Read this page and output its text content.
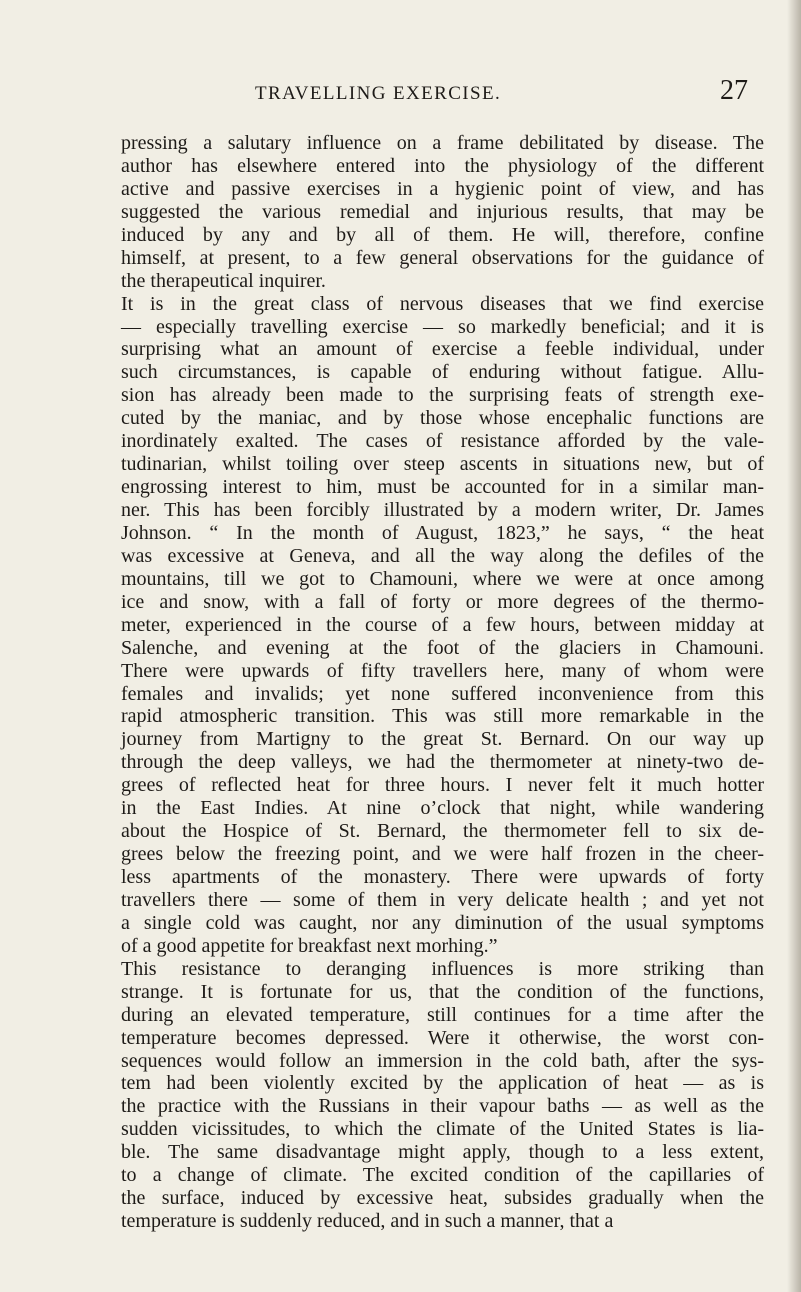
TRAVELLING EXERCISE.	27
pressing a salutary influence on a frame debilitated by disease. The
author has elsewhere entered into the physiology of the different
active and passive exercises in a hygienic point of view, and has
suggested the various remedial and injurious results, that may be
induced by any and by all of them. He will, therefore, confine
himself, at present, to a few general observations for the guidance of
the therapeutical inquirer.
It is in the great class of nervous diseases that we find exercise
— especially travelling exercise — so markedly beneficial; and it is
surprising what an amount of exercise a feeble individual, under
such circumstances, is capable of enduring without fatigue. Allu-
sion has already been made to the surprising feats of strength exe-
cuted by the maniac, and by those whose encephalic functions are
inordinately exalted. The cases of resistance afforded by the vale-
tudinarian, whilst toiling over steep ascents in situations new, but of
engrossing interest to him, must be accounted for in a similar man-
ner. This has been forcibly illustrated by a modern writer, Dr. James
Johnson. “ In the month of August, 1823,” he says, “ the heat
was excessive at Geneva, and all the way along the defiles of the
mountains, till we got to Chamouni, where we were at once among
ice and snow, with a fall of forty or more degrees of the thermo-
meter, experienced in the course of a few hours, between midday at
Salenche, and evening at the foot of the glaciers in Chamouni.
There were upwards of fifty travellers here, many of whom were
females and invalids; yet none suffered inconvenience from this
rapid atmospheric transition. This was still more remarkable in the
journey from Martigny to the great St. Bernard. On our way up
through the deep valleys, we had the thermometer at ninety-two de-
grees of reflected heat for three hours. I never felt it much hotter
in the East Indies. At nine o’clock that night, while wandering
about the Hospice of St. Bernard, the thermometer fell to six de-
grees below the freezing point, and we were half frozen in the cheer-
less apartments of the monastery. There were upwards of forty
travellers there — some of them in very delicate health ; and yet not
a single cold was caught, nor any diminution of the usual symptoms
of a good appetite for breakfast next morhing.”
This resistance to deranging influences is more striking than
strange. It is fortunate for us, that the condition of the functions,
during an elevated temperature, still continues for a time after the
temperature becomes depressed. Were it otherwise, the worst con-
sequences would follow an immersion in the cold bath, after the sys-
tem had been violently excited by the application of heat — as is
the practice with the Russians in their vapour baths — as well as the
sudden vicissitudes, to which the climate of the United States is lia-
ble. The same disadvantage might apply, though to a less extent,
to a change of climate. The excited condition of the capillaries of
the surface, induced by excessive heat, subsides gradually when the
temperature is suddenly reduced, and in such a manner, that a
